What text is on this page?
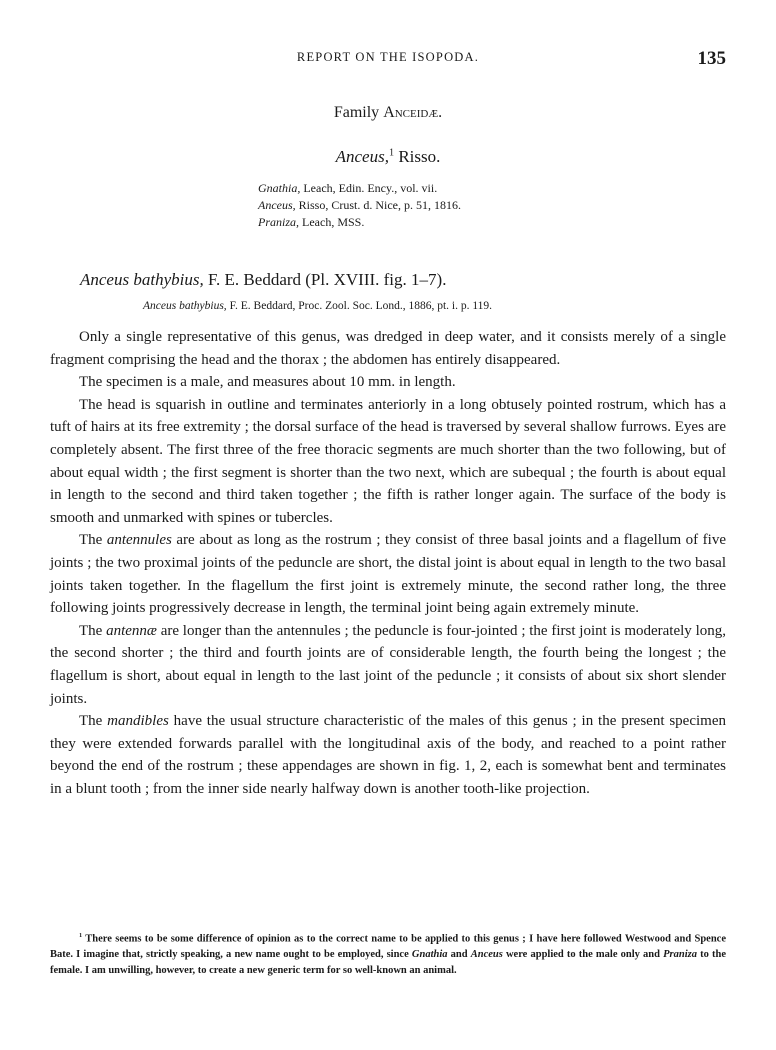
REPORT ON THE ISOPODA.	135
Family Anceidæ.
Anceus,$^1$ Risso.
Gnathia, Leach, Edin. Ency., vol. vii.
Anceus, Risso, Crust. d. Nice, p. 51, 1816.
Praniza, Leach, MSS.
Anceus bathybius, F. E. Beddard (Pl. XVIII. fig. 1–7).
Anceus bathybius, F. E. Beddard, Proc. Zool. Soc. Lond., 1886, pt. i. p. 119.

Only a single representative of this genus, was dredged in deep water, and it consists merely of a single fragment comprising the head and the thorax ; the abdomen has entirely disappeared.

The specimen is a male, and measures about 10 mm. in length.

The head is squarish in outline and terminates anteriorly in a long obtusely pointed rostrum, which has a tuft of hairs at its free extremity ; the dorsal surface of the head is traversed by several shallow furrows. Eyes are completely absent. The first three of the free thoracic segments are much shorter than the two following, but of about equal width ; the first segment is shorter than the two next, which are subequal ; the fourth is about equal in length to the second and third taken together ; the fifth is rather longer again. The surface of the body is smooth and unmarked with spines or tubercles.

The antennules are about as long as the rostrum ; they consist of three basal joints and a flagellum of five joints ; the two proximal joints of the peduncle are short, the distal joint is about equal in length to the two basal joints taken together. In the flagellum the first joint is extremely minute, the second rather long, the three following joints progressively decrease in length, the terminal joint being again extremely minute.

The antennæ are longer than the antennules ; the peduncle is four-jointed ; the first joint is moderately long, the second shorter ; the third and fourth joints are of considerable length, the fourth being the longest ; the flagellum is short, about equal in length to the last joint of the peduncle ; it consists of about six short slender joints.

The mandibles have the usual structure characteristic of the males of this genus ; in the present specimen they were extended forwards parallel with the longitudinal axis of the body, and reached to a point rather beyond the end of the rostrum ; these appendages are shown in fig. 1, 2, each is somewhat bent and terminates in a blunt tooth ; from the inner side nearly halfway down is another tooth-like projection.

$^1$ There seems to be some difference of opinion as to the correct name to be applied to this genus ; I have here followed Westwood and Spence Bate. I imagine that, strictly speaking, a new name ought to be employed, since Gnathia and Anceus were applied to the male only and Praniza to the female. I am unwilling, however, to create a new generic term for so well-known an animal.
